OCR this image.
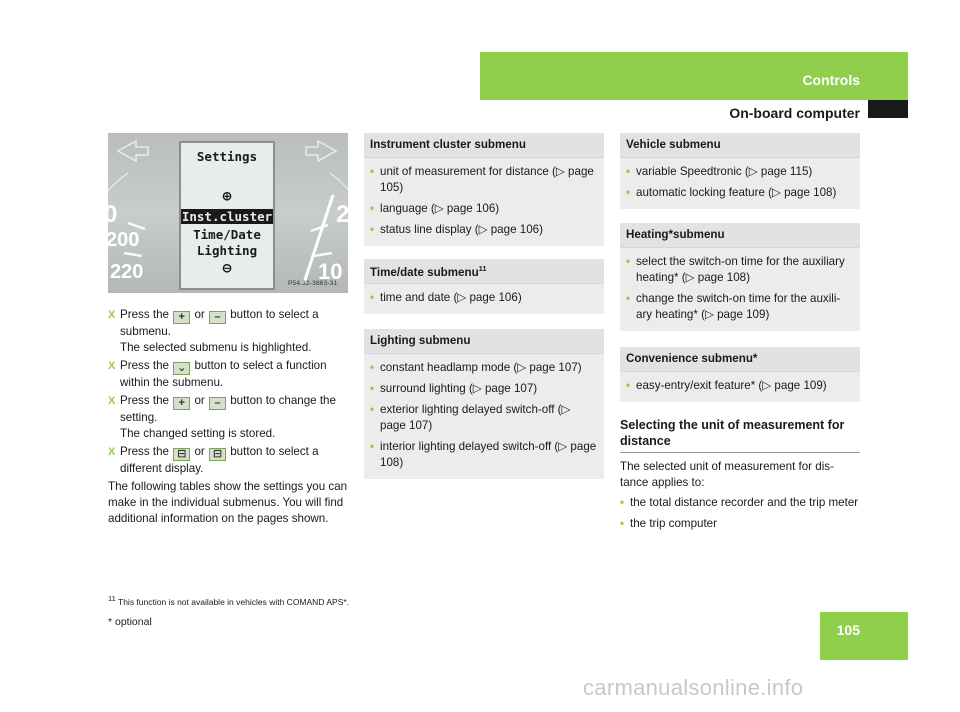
Controls
On-board computer
0
200
220
2
10
Settings
⊕
Inst.cluster
Time/Date
Lighting
⊖
P54.32-3863-31
X Press the + or – button to select a submenu.
The selected submenu is highlighted.
X Press the ⌄ button to select a function within the submenu.
X Press the + or – button to change the setting.
The changed setting is stored.
X Press the ⊟ or ⊟ button to select a different display.
The following tables show the settings you can make in the individual submenus. You will find additional information on the pages shown.
Instrument cluster submenu
• unit of measurement for distance (▷ page 105)
• language (▷ page 106)
• status line display (▷ page 106)
Time/date submenu$^{11}$
• time and date (▷ page 106)
Lighting submenu
• constant headlamp mode (▷ page 107)
• surround lighting (▷ page 107)
• exterior lighting delayed switch-off (▷ page 107)
• interior lighting delayed switch-off (▷ page 108)
Vehicle submenu
• variable Speedtronic (▷ page 115)
• automatic locking feature (▷ page 108)
Heating*submenu
• select the switch-on time for the auxiliary heating* (▷ page 108)
• change the switch-on time for the auxili-ary heating* (▷ page 109)
Convenience submenu*
• easy-entry/exit feature* (▷ page 109)
Selecting the unit of measurement for distance
The selected unit of measurement for dis-tance applies to:
• the total distance recorder and the trip meter
• the trip computer
$^{11}$ This function is not available in vehicles with COMAND APS*.
* optional	105
carmanualsonline.info
